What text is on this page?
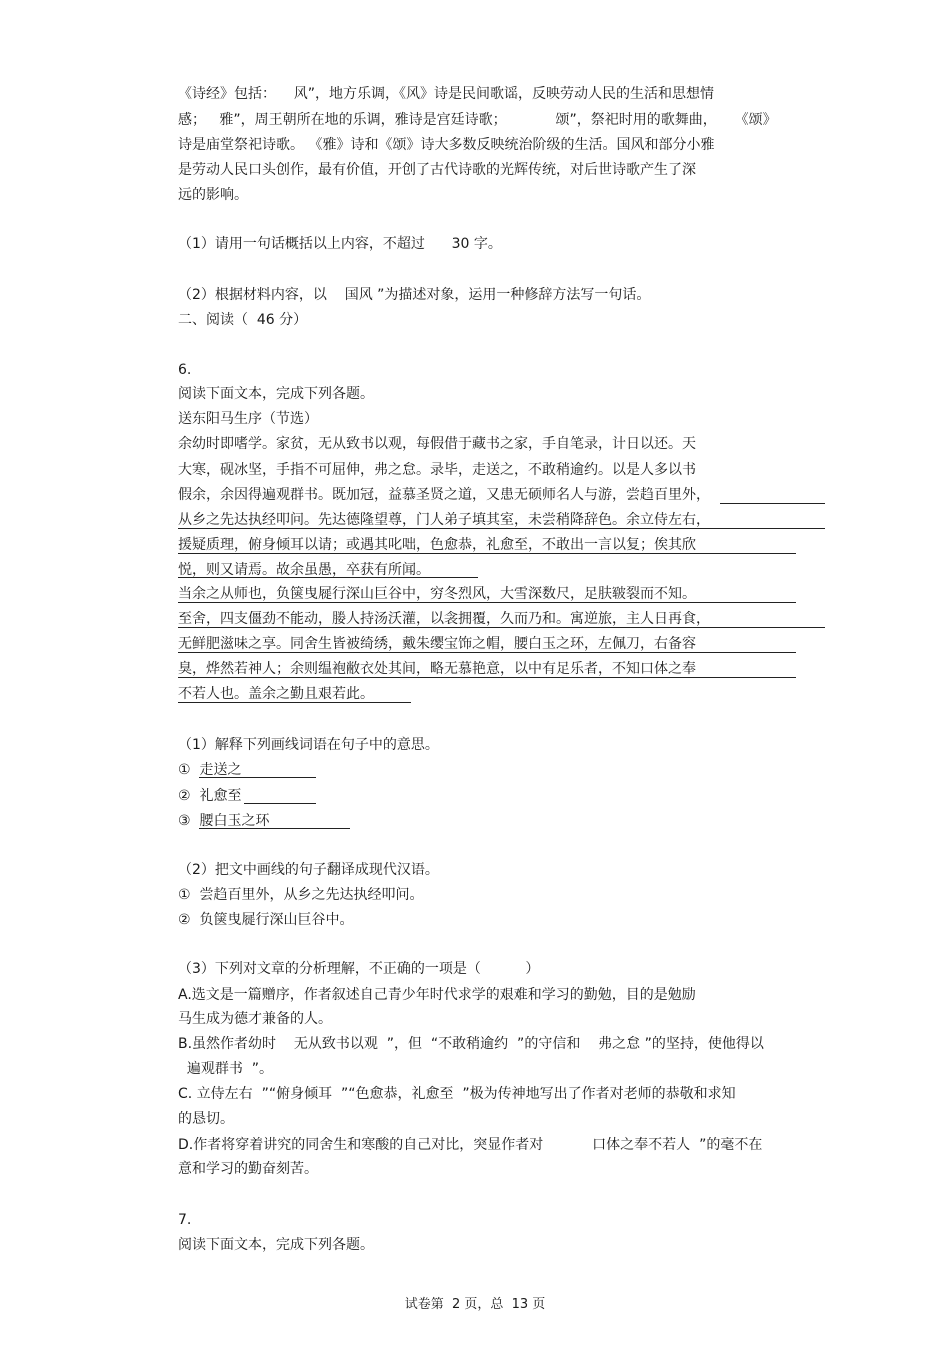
《诗经》包括：    风”，地方乐调，《风》诗是民间歌谣，反映劳动人民的生活和思想情
感；   雅”，周王朝所在地的乐调，雅诗是宫廷诗歌；           颂”，祭祀时用的歌舞曲，    《颂》
诗是庙堂祭祀诗歌。 《雅》诗和《颂》诗大多数反映统治阶级的生活。国风和部分小雅
是劳动人民口头创作，最有价值，开创了古代诗歌的光辉传统，对后世诗歌产生了深
远的影响。
（1）请用一句话概括以上内容，不超过      30 字。
（2）根据材料内容，以    国风 ”为描述对象，运用一种修辞方法写一句话。
二、阅读（  46 分）
6.
阅读下面文本，完成下列各题。
送东阳马生序（节选）
余幼时即嗜学。家贫，无从致书以观，每假借于藏书之家，手自笔录，计日以还。天
大寒，砚冰坚，手指不可屈伸，弗之怠。录毕，走送之，不敢稍逾约。以是人多以书
假余，余因得遍观群书。既加冠，益慕圣贤之道，又患无硕师名人与游，尝趋百里外，
从乡之先达执经叩问。先达德隆望尊，门人弟子填其室，未尝稍降辞色。余立侍左右，
援疑质理，俯身倾耳以请；或遇其叱咄，色愈恭，礼愈至，不敢出一言以复；俟其欣
悦，则又请焉。故余虽愚，卒获有所闻。
当余之从师也，负箧曳屣行深山巨谷中，穷冬烈风，大雪深数尺，足肤皲裂而不知。
至舍，四支僵劲不能动，媵人持汤沃灌，以衾拥覆，久而乃和。寓逆旅，主人日再食，
无鲜肥滋味之享。同舍生皆被绮绣，戴朱缨宝饰之帽，腰白玉之环，左佩刀，右备容
臭，烨然若神人；余则缊袍敝衣处其间，略无慕艳意，以中有足乐者，不知口体之奉
不若人也。盖余之勤且艰若此。
（1）解释下列画线词语在句子中的意思。
①  走送之
②  礼愈至
③  腰白玉之环
（2）把文中画线的句子翻译成现代汉语。
①  尝趋百里外，从乡之先达执经叩问。
②  负箧曳屣行深山巨谷中。
（3）下列对文章的分析理解，不正确的一项是（          ）
A.选文是一篇赠序，作者叙述自己青少年时代求学的艰难和学习的勤勉，目的是勉励
马生成为德才兼备的人。
B.虽然作者幼时    无从致书以观  ”，但  “不敢稍逾约  ”的守信和    弗之怠 ”的坚持，使他得以
遍观群书  ”。
C. 立侍左右  ”“俯身倾耳  ”“色愈恭，礼愈至  ”极为传神地写出了作者对老师的恭敬和求知
的恳切。
D.作者将穿着讲究的同舍生和寒酸的自己对比，突显作者对           口体之奉不若人  ”的毫不在
意和学习的勤奋刻苦。
7.
阅读下面文本，完成下列各题。
试卷第  2 页，总  13 页
